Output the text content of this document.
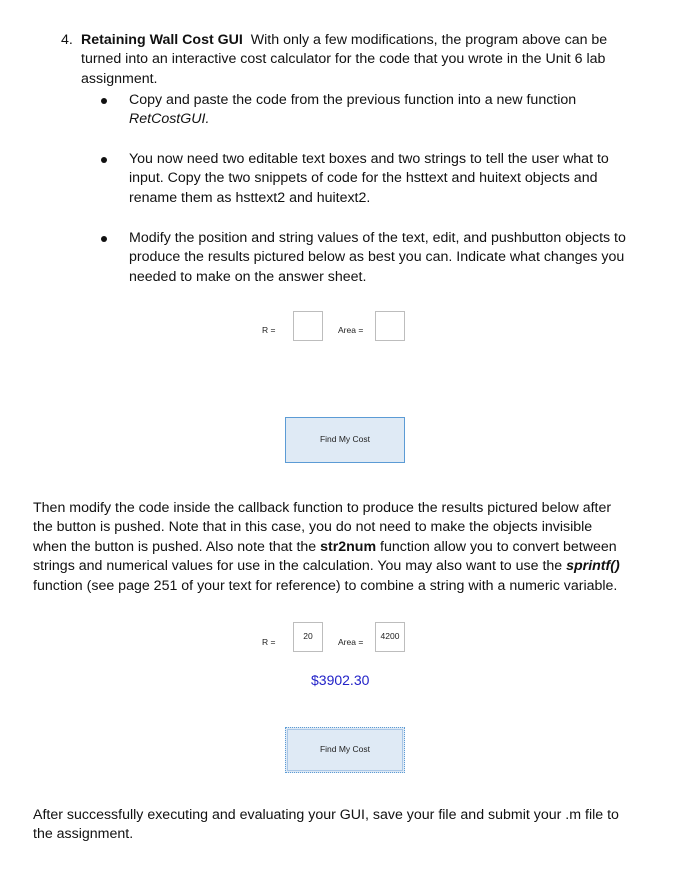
4. Retaining Wall Cost GUI With only a few modifications, the program above can be
turned into an interactive cost calculator for the code that you wrote in the Unit 6 lab
assignment.
Copy and paste the code from the previous function into a new function
RetCostGUI.
You now need two editable text boxes and two strings to tell the user what to
input. Copy the two snippets of code for the hsttext and huitext objects and
rename them as hsttext2 and huitext2.
Modify the position and string values of the text, edit, and pushbutton objects to
produce the results pictured below as best you can. Indicate what changes you
needed to make on the answer sheet.
R =	Area =
Find My Cost
Then modify the code inside the callback function to produce the results pictured below after
the button is pushed. Note that in this case, you do not need to make the objects invisible
when the button is pushed. Also note that the str2num function allow you to convert between
strings and numerical values for use in the calculation. You may also want to use the sprintf()
function (see page 251 of your text for reference) to combine a string with a numeric variable.
R =
20
Area =
4200
$3902.30
Find My Cost
After successfully executing and evaluating your GUI, save your file and submit your .m file to
the assignment.
